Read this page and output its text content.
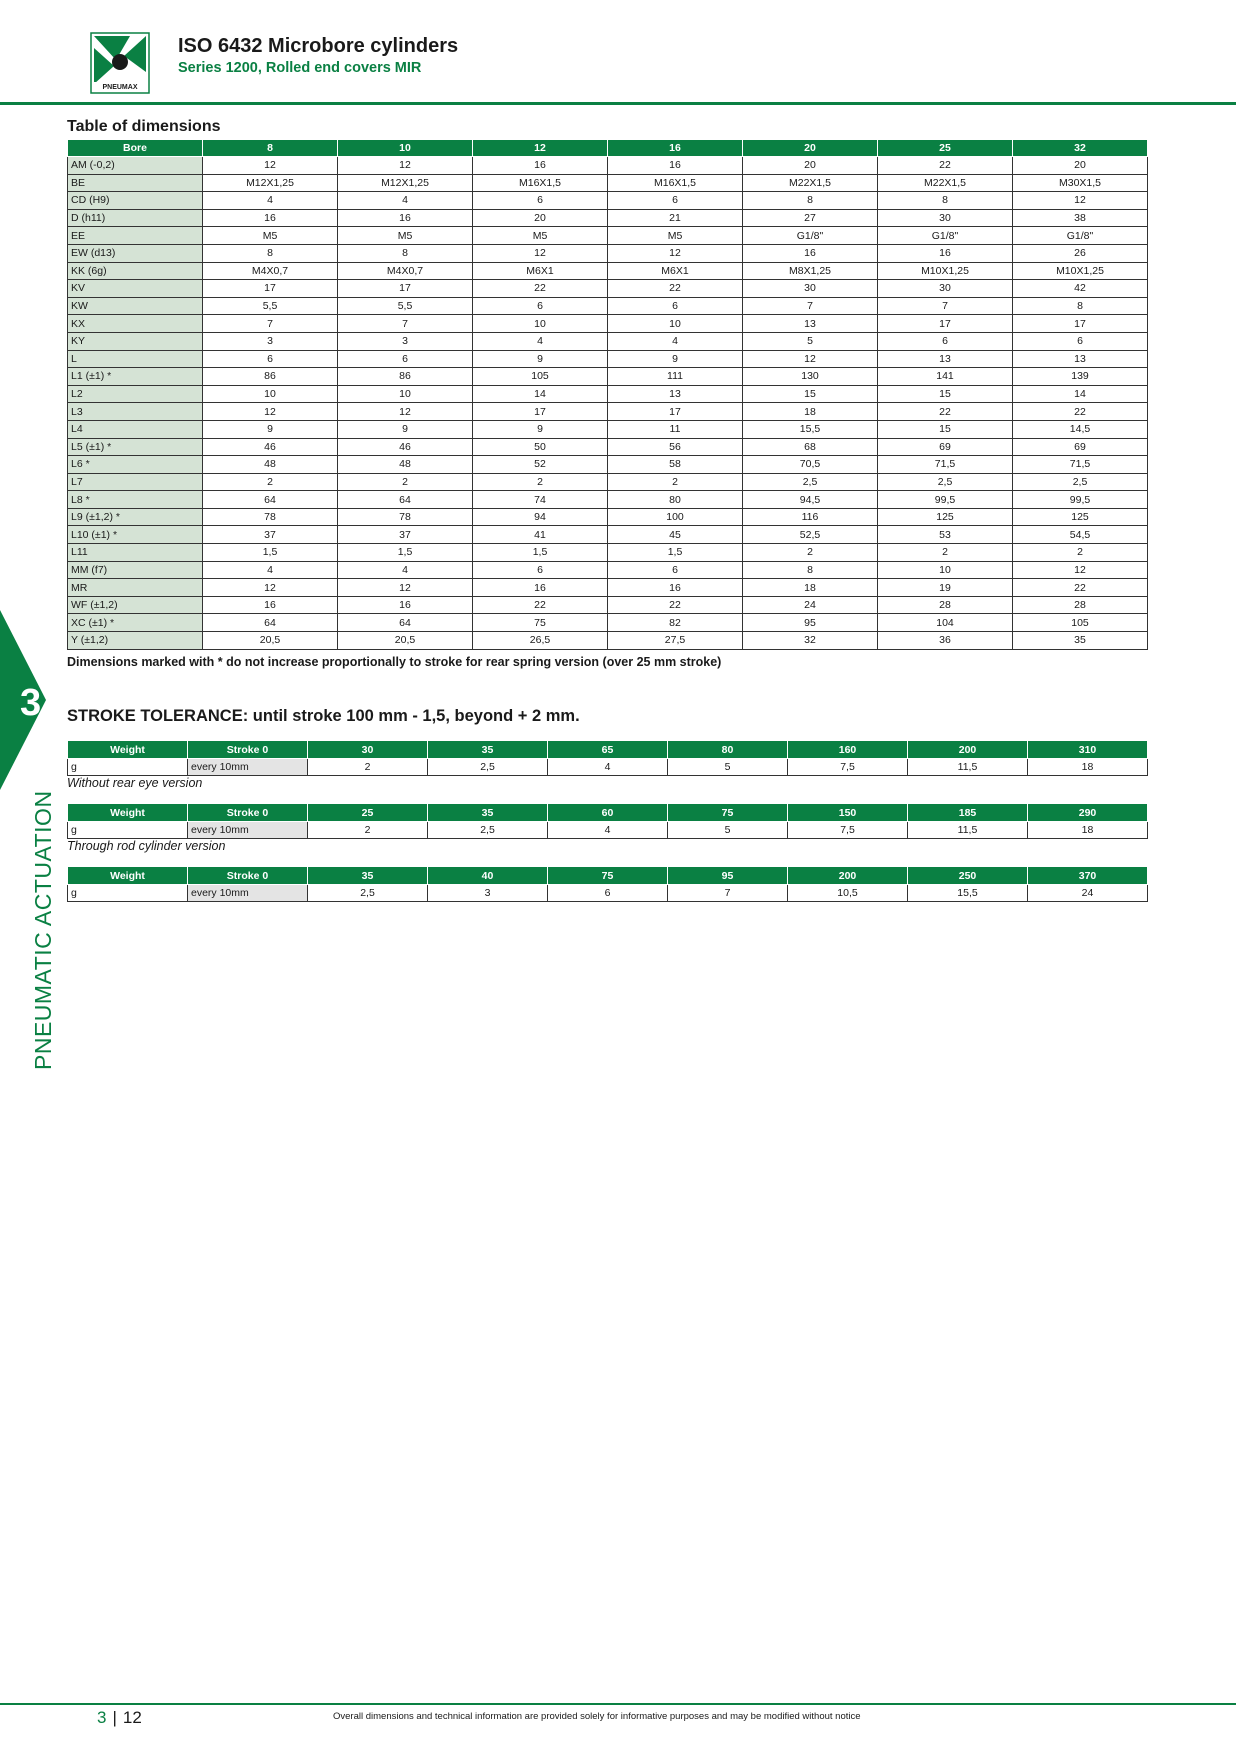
PNEUMAX
ISO 6432 Microbore cylinders
Series 1200, Rolled end covers MIR
3
PNEUMATIC ACTUATION
Table of dimensions
Bore	8	10	12	16	20	25	32
AM (-0,2)	12	12	16	16	20	22	20
BE	M12X1,25	M12X1,25	M16X1,5	M16X1,5	M22X1,5	M22X1,5	M30X1,5
CD (H9)	4	4	6	6	8	8	12
D (h11)	16	16	20	21	27	30	38
EE	M5	M5	M5	M5	G1/8"	G1/8"	G1/8"
EW (d13)	8	8	12	12	16	16	26
KK (6g)	M4X0,7	M4X0,7	M6X1	M6X1	M8X1,25	M10X1,25	M10X1,25
KV	17	17	22	22	30	30	42
KW	5,5	5,5	6	6	7	7	8
KX	7	7	10	10	13	17	17
KY	3	3	4	4	5	6	6
L	6	6	9	9	12	13	13
L1 (±1) *	86	86	105	111	130	141	139
L2	10	10	14	13	15	15	14
L3	12	12	17	17	18	22	22
L4	9	9	9	11	15,5	15	14,5
L5 (±1) *	46	46	50	56	68	69	69
L6 *	48	48	52	58	70,5	71,5	71,5
L7	2	2	2	2	2,5	2,5	2,5
L8 *	64	64	74	80	94,5	99,5	99,5
L9 (±1,2) *	78	78	94	100	116	125	125
L10 (±1) *	37	37	41	45	52,5	53	54,5
L11	1,5	1,5	1,5	1,5	2	2	2
MM (f7)	4	4	6	6	8	10	12
MR	12	12	16	16	18	19	22
WF (±1,2)	16	16	22	22	24	28	28
XC (±1) *	64	64	75	82	95	104	105
Y (±1,2)	20,5	20,5	26,5	27,5	32	36	35
Dimensions marked with * do not increase proportionally to stroke for rear spring version (over 25 mm stroke)
STROKE TOLERANCE: until stroke 100 mm - 1,5, beyond + 2 mm.
Weight	Stroke 0	30	35	65	80	160	200	310
g	every 10mm	2	2,5	4	5	7,5	11,5	18
Without rear eye version
Weight	Stroke 0	25	35	60	75	150	185	290
g	every 10mm	2	2,5	4	5	7,5	11,5	18
Through rod cylinder version
Weight	Stroke 0	35	40	75	95	200	250	370
g	every 10mm	2,5	3	6	7	10,5	15,5	24
3 | 12	Overall dimensions and technical information are provided solely for informative purposes and may be modified without notice
